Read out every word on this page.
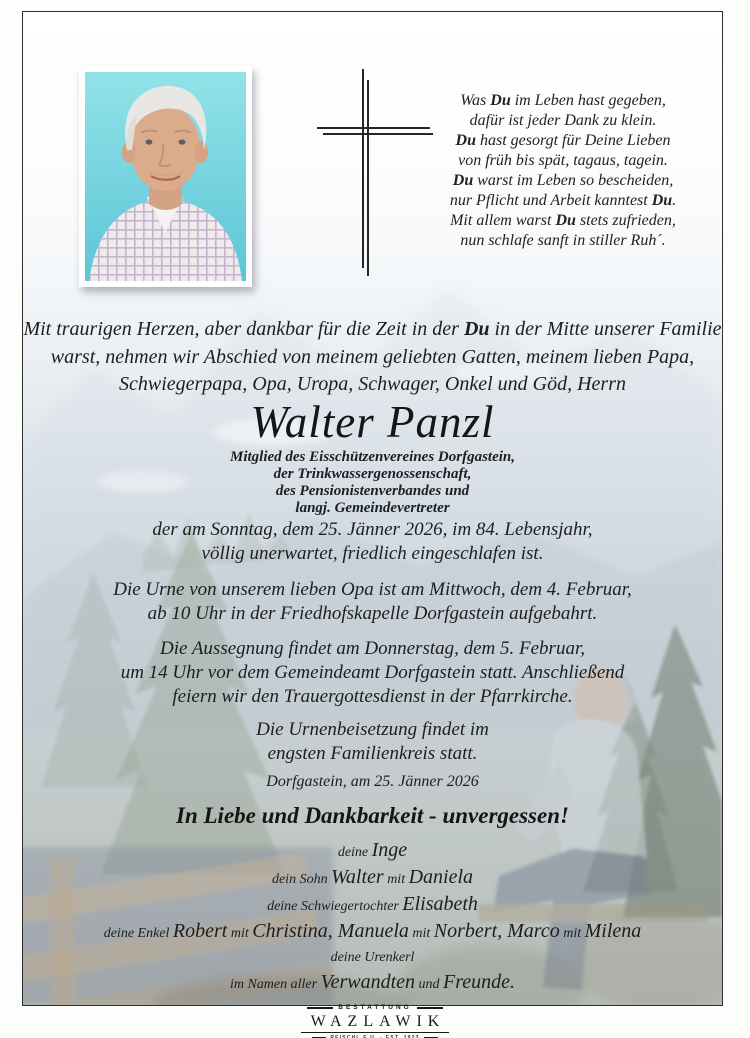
Was Du im Leben hast gegeben,
dafür ist jeder Dank zu klein.
Du hast gesorgt für Deine Lieben
von früh bis spät, tagaus, tagein.
Du warst im Leben so bescheiden,
nur Pflicht und Arbeit kanntest Du.
Mit allem warst Du stets zufrieden,
nun schlafe sanft in stiller Ruh´.
Mit traurigen Herzen, aber dankbar für die Zeit in der Du in der Mitte unserer Familie
warst, nehmen wir Abschied von meinem geliebten Gatten, meinem lieben Papa,
Schwiegerpapa, Opa, Uropa, Schwager, Onkel und Göd, Herrn
Walter Panzl
Mitglied des Eisschützenvereines Dorfgastein,
der Trinkwassergenossenschaft,
des Pensionistenverbandes und
langj. Gemeindevertreter
der am Sonntag, dem 25. Jänner 2026, im 84. Lebensjahr,
völlig unerwartet, friedlich eingeschlafen ist.
Die Urne von unserem lieben Opa ist am Mittwoch, dem 4. Februar,
ab 10 Uhr in der Friedhofskapelle Dorfgastein aufgebahrt.
Die Aussegnung findet am Donnerstag, dem 5. Februar,
um 14 Uhr vor dem Gemeindeamt Dorfgastein statt. Anschließend
feiern wir den Trauergottesdienst in der Pfarrkirche.
Die Urnenbeisetzung findet im
engsten Familienkreis statt.
Dorfgastein, am 25. Jänner 2026
In Liebe und Dankbarkeit - unvergessen!
deine Inge
dein Sohn Walter mit Daniela
deine Schwiegertochter Elisabeth
deine Enkel Robert mit Christina, Manuela mit Norbert, Marco mit Milena
deine Urenkerl
im Namen aller Verwandten und Freunde.
BESTATTUNG
WAZLAWIK
REISCHL E.U. · EST. 1923
